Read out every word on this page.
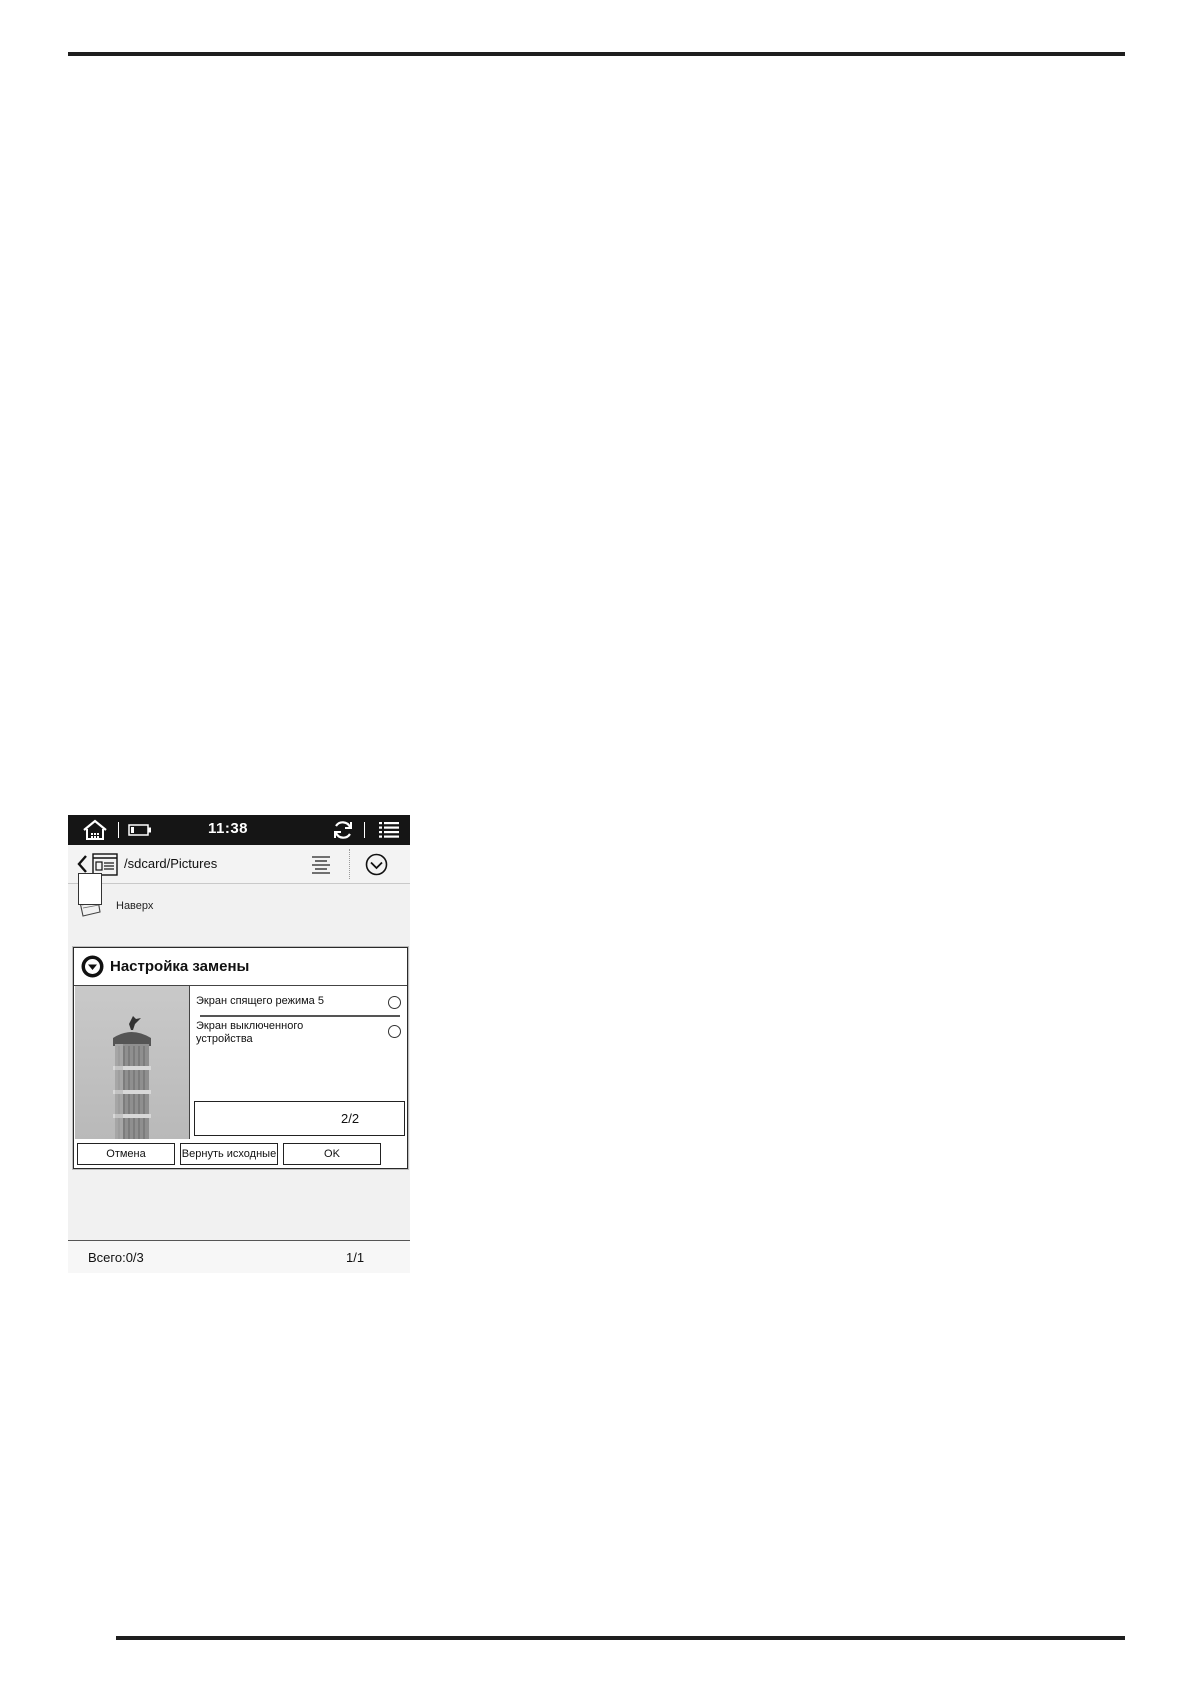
11:38
/sdcard/Pictures
Наверх
Настройка замены
Экран спящего режима 5
Экран выключенного устройства
2/2
Отмена	Вернуть исходные	OK
Всего:0/3	1/1
